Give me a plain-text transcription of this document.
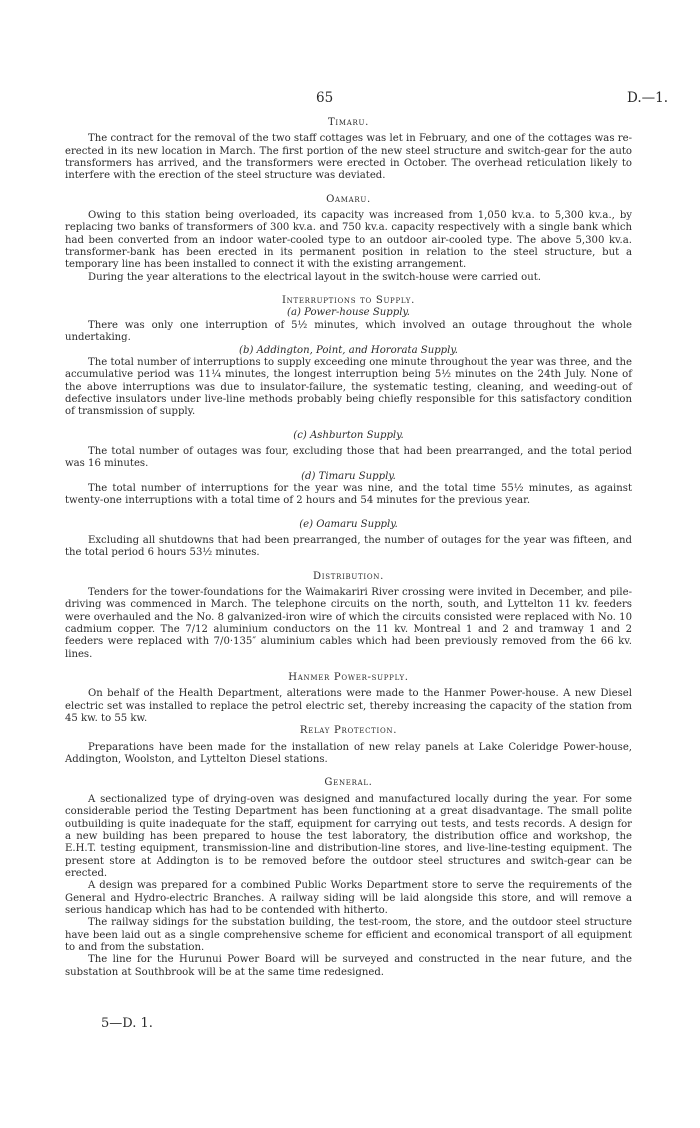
65	D.—1.
Timaru.

The contract for the removal of the two staff cottages was let in February, and one of the cottages was re-erected in its new location in March. The first portion of the new steel structure and switch-gear for the auto transformers has arrived, and the transformers were erected in October. The overhead reticulation likely to interfere with the erection of the steel structure was deviated.

Oamaru.

Owing to this station being overloaded, its capacity was increased from 1,050 kv.a. to 5,300 kv.a., by replacing two banks of transformers of 300 kv.a. and 750 kv.a. capacity respectively with a single bank which had been converted from an indoor water-cooled type to an outdoor air-cooled type. The above 5,300 kv.a. transformer-bank has been erected in its permanent position in relation to the steel structure, but a temporary line has been installed to connect it with the existing arrangement.

During the year alterations to the electrical layout in the switch-house were carried out.

Interruptions to Supply.
(a) Power-house Supply.

There was only one interruption of 5½ minutes, which involved an outage throughout the whole undertaking.

(b) Addington, Point, and Hororata Supply.

The total number of interruptions to supply exceeding one minute throughout the year was three, and the accumulative period was 11¼ minutes, the longest interruption being 5½ minutes on the 24th July. None of the above interruptions was due to insulator-failure, the systematic testing, cleaning, and weeding-out of defective insulators under live-line methods probably being chiefly responsible for this satisfactory condition of transmission of supply.

(c) Ashburton Supply.

The total number of outages was four, excluding those that had been prearranged, and the total period was 16 minutes.

(d) Timaru Supply.

The total number of interruptions for the year was nine, and the total time 55½ minutes, as against twenty-one interruptions with a total time of 2 hours and 54 minutes for the previous year.

(e) Oamaru Supply.

Excluding all shutdowns that had been prearranged, the number of outages for the year was fifteen, and the total period 6 hours 53½ minutes.

Distribution.

Tenders for the tower-foundations for the Waimakariri River crossing were invited in December, and pile-driving was commenced in March. The telephone circuits on the north, south, and Lyttelton 11 kv. feeders were overhauled and the No. 8 galvanized-iron wire of which the circuits consisted were replaced with No. 10 cadmium copper. The 7/12 aluminium conductors on the 11 kv. Montreal 1 and 2 and tramway 1 and 2 feeders were replaced with 7/0·135″ aluminium cables which had been previously removed from the 66 kv. lines.

Hanmer Power-supply.

On behalf of the Health Department, alterations were made to the Hanmer Power-house. A new Diesel electric set was installed to replace the petrol electric set, thereby increasing the capacity of the station from 45 kw. to 55 kw.

Relay Protection.

Preparations have been made for the installation of new relay panels at Lake Coleridge Power-house, Addington, Woolston, and Lyttelton Diesel stations.

General.

A sectionalized type of drying-oven was designed and manufactured locally during the year. For some considerable period the Testing Department has been functioning at a great disadvantage. The small polite outbuilding is quite inadequate for the staff, equipment for carrying out tests, and tests records. A design for a new building has been prepared to house the test laboratory, the distribution office and workshop, the E.H.T. testing equipment, transmission-line and distribution-line stores, and live-line-testing equipment. The present store at Addington is to be removed before the outdoor steel structures and switch-gear can be erected.

A design was prepared for a combined Public Works Department store to serve the requirements of the General and Hydro-electric Branches. A railway siding will be laid alongside this store, and will remove a serious handicap which has had to be contended with hitherto.

The railway sidings for the substation building, the test-room, the store, and the outdoor steel structure have been laid out as a single comprehensive scheme for efficient and economical transport of all equipment to and from the substation.

The line for the Hurunui Power Board will be surveyed and constructed in the near future, and the substation at Southbrook will be at the same time redesigned.

5—D. 1.
